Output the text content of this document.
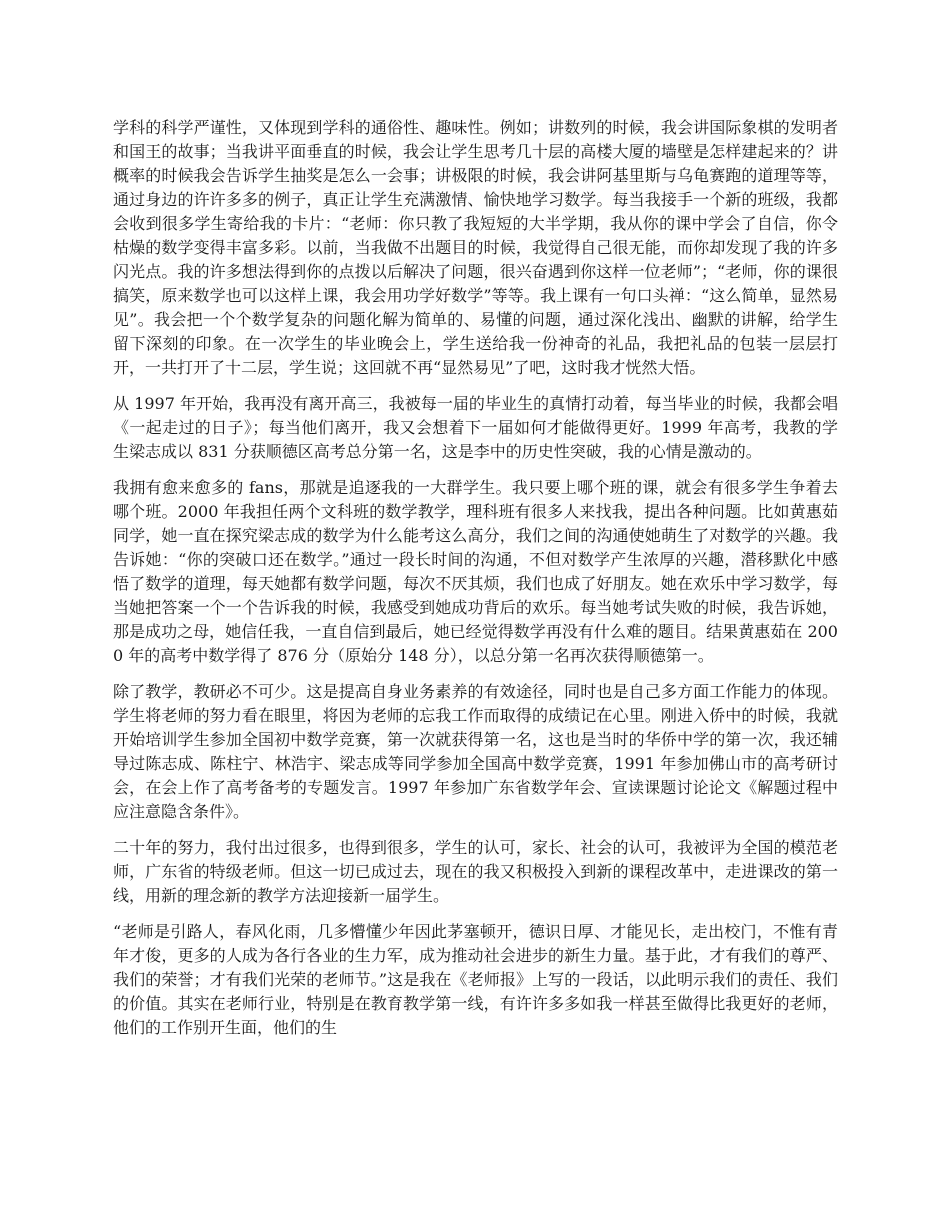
学科的科学严谨性，又体现到学科的通俗性、趣味性。例如；讲数列的时候，我会讲国际象棋的发明者和国王的故事；当我讲平面垂直的时候，我会让学生思考几十层的高楼大厦的墙壁是怎样建起来的？讲概率的时候我会告诉学生抽奖是怎么一会事；讲极限的时候，我会讲阿基里斯与乌龟赛跑的道理等等，通过身边的许许多多的例子，真正让学生充满激情、愉快地学习数学。每当我接手一个新的班级，我都会收到很多学生寄给我的卡片：“老师：你只教了我短短的大半学期，我从你的课中学会了自信，你令枯燥的数学变得丰富多彩。以前，当我做不出题目的时候，我觉得自己很无能，而你却发现了我的许多闪光点。我的许多想法得到你的点拨以后解决了问题，很兴奋遇到你这样一位老师”；“老师，你的课很搞笑，原来数学也可以这样上课，我会用功学好数学”等等。我上课有一句口头禅：“这么简单，显然易见”。我会把一个个数学复杂的问题化解为简单的、易懂的问题，通过深化浅出、幽默的讲解，给学生留下深刻的印象。在一次学生的毕业晚会上，学生送给我一份神奇的礼品，我把礼品的包装一层层打开，一共打开了十二层，学生说；这回就不再“显然易见”了吧，这时我才恍然大悟。

从 1997 年开始，我再没有离开高三，我被每一届的毕业生的真情打动着，每当毕业的时候，我都会唱《一起走过的日子》；每当他们离开，我又会想着下一届如何才能做得更好。1999 年高考，我教的学生梁志成以 831 分获顺德区高考总分第一名，这是李中的历史性突破，我的心情是激动的。

我拥有愈来愈多的 fans，那就是追逐我的一大群学生。我只要上哪个班的课，就会有很多学生争着去哪个班。2000 年我担任两个文科班的数学教学，理科班有很多人来找我，提出各种问题。比如黄惠茹同学，她一直在探究梁志成的数学为什么能考这么高分，我们之间的沟通使她萌生了对数学的兴趣。我告诉她：“你的突破口还在数学。”通过一段长时间的沟通，不但对数学产生浓厚的兴趣，潜移默化中感悟了数学的道理，每天她都有数学问题，每次不厌其烦，我们也成了好朋友。她在欢乐中学习数学，每当她把答案一个一个告诉我的时候，我感受到她成功背后的欢乐。每当她考试失败的时候，我告诉她，那是成功之母，她信任我，一直自信到最后，她已经觉得数学再没有什么难的题目。结果黄惠茹在 2000 年的高考中数学得了 876 分（原始分 148 分），以总分第一名再次获得顺德第一。

除了教学，教研必不可少。这是提高自身业务素养的有效途径，同时也是自己多方面工作能力的体现。学生将老师的努力看在眼里，将因为老师的忘我工作而取得的成绩记在心里。刚进入侨中的时候，我就开始培训学生参加全国初中数学竞赛，第一次就获得第一名，这也是当时的华侨中学的第一次，我还辅导过陈志成、陈柱宁、林浩宇、梁志成等同学参加全国高中数学竞赛，1991 年参加佛山市的高考研讨会，在会上作了高考备考的专题发言。1997 年参加广东省数学年会、宣读课题讨论论文《解题过程中应注意隐含条件》。

二十年的努力，我付出过很多，也得到很多，学生的认可，家长、社会的认可，我被评为全国的模范老师，广东省的特级老师。但这一切已成过去，现在的我又积极投入到新的课程改革中，走进课改的第一线，用新的理念新的教学方法迎接新一届学生。

“老师是引路人，春风化雨，几多懵懂少年因此茅塞顿开，德识日厚、才能见长，走出校门，不惟有青年才俊，更多的人成为各行各业的生力军，成为推动社会进步的新生力量。基于此，才有我们的尊严、我们的荣誉；才有我们光荣的老师节。”这是我在《老师报》上写的一段话，以此明示我们的责任、我们的价值。其实在老师行业，特别是在教育教学第一线，有许许多多如我一样甚至做得比我更好的老师，他们的工作别开生面，他们的生
